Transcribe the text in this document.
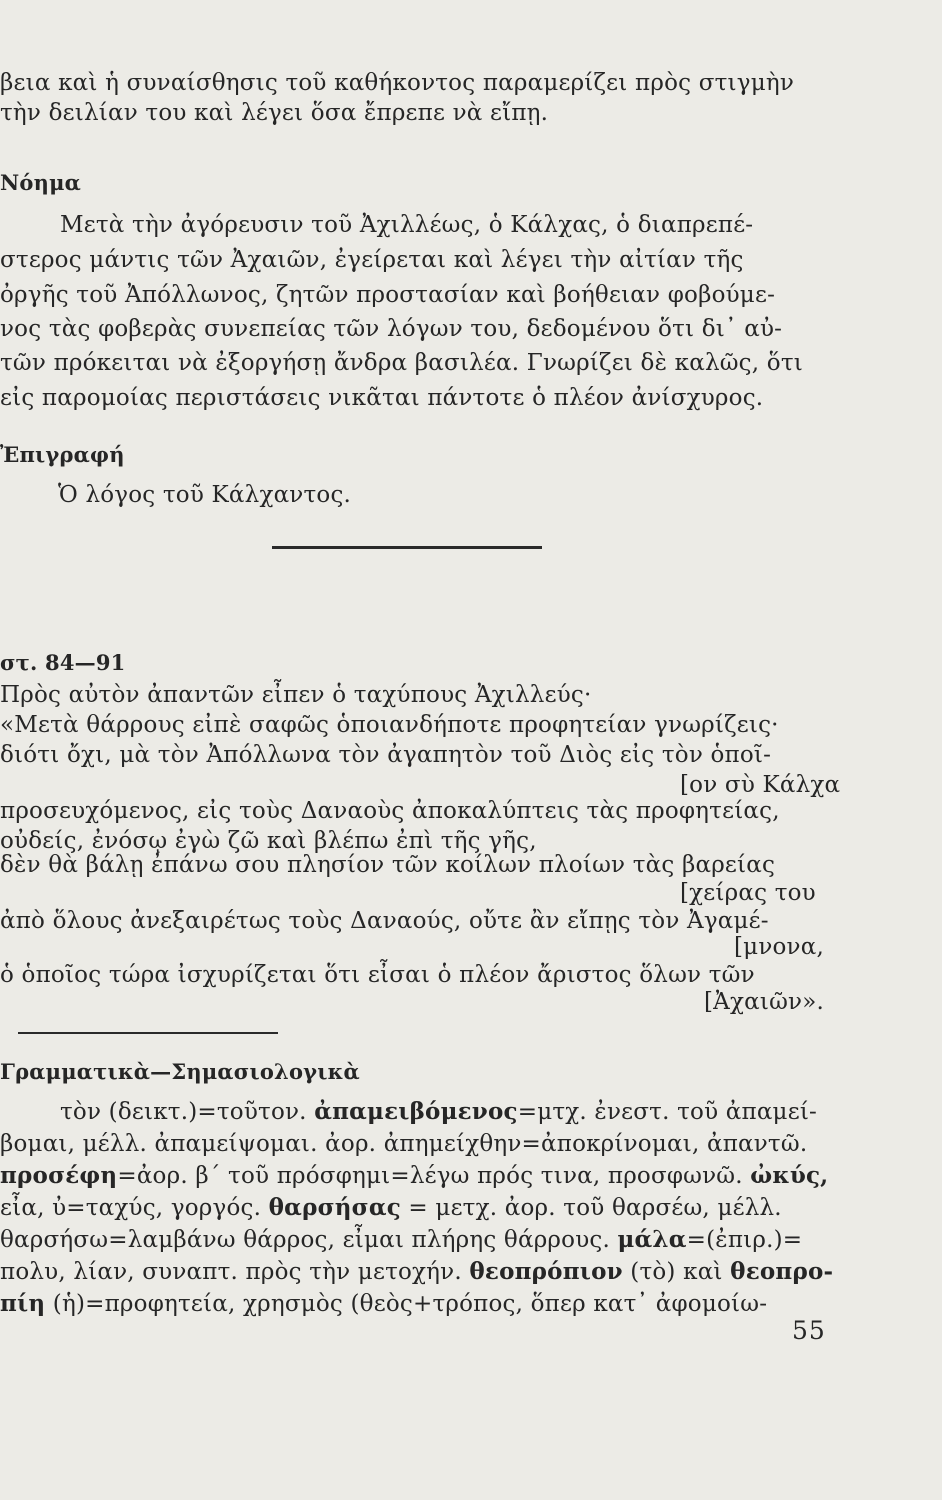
βεια καὶ ἡ συναίσθησις τοῦ καθήκοντος παραμερίζει πρὸς στιγμὴν
τὴν δειλίαν του καὶ λέγει ὅσα ἔπρεπε νὰ εἴπῃ.
Νόημα
Μετὰ τὴν ἀγόρευσιν τοῦ Ἀχιλλέως, ὁ Κάλχας, ὁ διαπρεπέ-
στερος μάντις τῶν Ἀχαιῶν, ἐγείρεται καὶ λέγει τὴν αἰτίαν τῆς
ὀργῆς τοῦ Ἀπόλλωνος, ζητῶν προστασίαν καὶ βοήθειαν φοβούμε-
νος τὰς φοβερὰς συνεπείας τῶν λόγων του, δεδομένου ὅτι δι᾽ αὐ-
τῶν πρόκειται νὰ ἐξοργήσῃ ἄνδρα βασιλέα. Γνωρίζει δὲ καλῶς, ὅτι
εἰς παρομοίας περιστάσεις νικᾶται πάντοτε ὁ πλέον ἀνίσχυρος.
Ἐπιγραφή
Ὁ λόγος τοῦ Κάλχαντος.
στ. 84—91
Πρὸς αὐτὸν ἀπαντῶν εἶπεν ὁ ταχύπους Ἀχιλλεύς·
«Μετὰ θάρρους εἰπὲ σαφῶς ὁποιανδήποτε προφητείαν γνωρίζεις·
διότι ὄχι, μὰ τὸν Ἀπόλλωνα τὸν ἀγαπητὸν τοῦ Διὸς εἰς τὸν ὁποῖ-
[ον σὺ Κάλχα
προσευχόμενος, εἰς τοὺς Δαναοὺς ἀποκαλύπτεις τὰς προφητείας,
οὐδείς, ἐνόσῳ ἐγὼ ζῶ καὶ βλέπω ἐπὶ τῆς γῆς,
δὲν θὰ βάλῃ ἐπάνω σου πλησίον τῶν κοίλων πλοίων τὰς βαρείας
[χείρας του
ἀπὸ ὅλους ἀνεξαιρέτως τοὺς Δαναούς, οὔτε ἂν εἴπῃς τὸν Ἀγαμέ-
[μνονα,
ὁ ὁποῖος τώρα ἰσχυρίζεται ὅτι εἶσαι ὁ πλέον ἄριστος ὅλων τῶν
[Ἀχαιῶν».
Γραμματικὰ—Σημασιολογικὰ
τὸν (δεικτ.)=τοῦτον. ἀπαμειβόμενος=μτχ. ἐνεστ. τοῦ ἀπαμεί-
βομαι, μέλλ. ἀπαμείψομαι. ἀορ. ἀπημείχθην=ἀποκρίνομαι, ἀπαντῶ.
προσέφη=ἀορ. β΄ τοῦ πρόσφημι=λέγω πρός τινα, προσφωνῶ. ὠκύς,
εἶα, ὐ=ταχύς, γοργός. θαρσήσας = μετχ. ἀορ. τοῦ θαρσέω, μέλλ.
θαρσήσω=λαμβάνω θάρρος, εἶμαι πλήρης θάρρους. μάλα=(ἐπιρ.)=
πολυ, λίαν, συναπτ. πρὸς τὴν μετοχήν. θεοπρόπιον (τὸ) καὶ θεοπρο-
πίη (ἡ)=προφητεία, χρησμὸς (θεὸς+τρόπος, ὅπερ κατ᾽ ἀφομοίω-
55
